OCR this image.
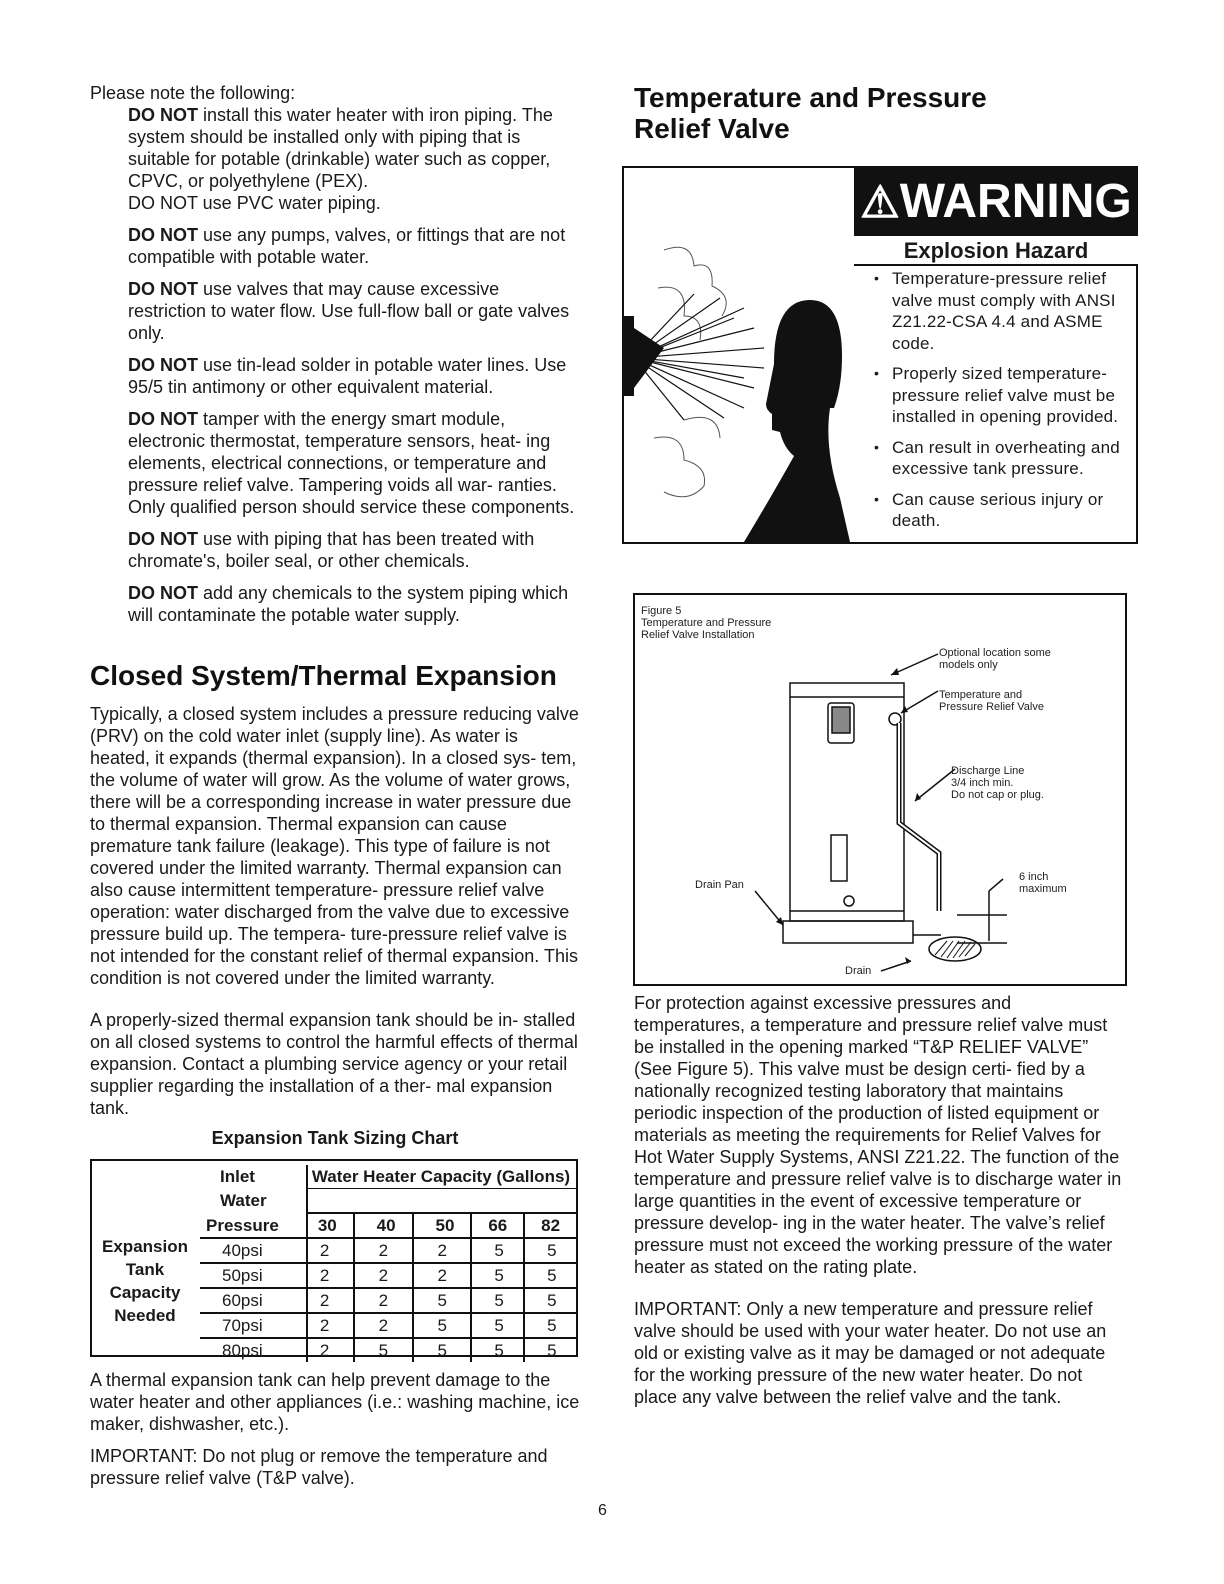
Please note the following:

DO NOT install this water heater with iron piping. The system should be installed only with piping that is suitable for potable (drinkable) water such as copper, CPVC, or polyethylene (PEX).

DO NOT use PVC water piping.

DO NOT use any pumps, valves, or fittings that are not compatible with potable water.

DO NOT use valves that may cause excessive restriction to water flow. Use full-flow ball or gate valves only.

DO NOT use tin-lead solder in potable water lines. Use 95/5 tin antimony or other equivalent material.

DO NOT tamper with the energy smart module, electronic thermostat, temperature sensors, heat- ing elements, electrical connections, or temperature and pressure relief valve. Tampering voids all war- ranties. Only qualified person should service these components.

DO NOT use with piping that has been treated with chromate's, boiler seal, or other chemicals.

DO NOT add any chemicals to the system piping which will contaminate the potable water supply.

Closed System/Thermal Expansion

Typically, a closed system includes a pressure reducing valve (PRV) on the cold water inlet (supply line). As water is heated, it expands (thermal expansion). In a closed sys- tem, the volume of water will grow. As the volume of water grows, there will be a corresponding increase in water pressure due to thermal expansion. Thermal expansion can cause premature tank failure (leakage). This type of failure is not covered under the limited warranty. Thermal expansion can also cause intermittent temperature- pressure relief valve operation: water discharged from the valve due to excessive pressure build up. The tempera- ture-pressure relief valve is not intended for the constant relief of thermal expansion. This condition is not covered under the limited warranty.

A properly-sized thermal expansion tank should be in- stalled on all closed systems to control the harmful effects of thermal expansion. Contact a plumbing service agency or your retail supplier regarding the installation of a ther- mal expansion tank.

Expansion Tank Sizing Chart

Expansion
Tank
Capacity
Needed
Inlet	Water Heater Capacity (Gallons)				
Water					
Pressure	30	40	50	66	82
40psi	2	2	2	5	5
50psi	2	2	2	5	5
60psi	2	2	5	5	5
70psi	2	2	5	5	5
80psi	2	5	5	5	5

A thermal expansion tank can help prevent damage to the water heater and other appliances (i.e.: washing machine, ice maker, dishwasher, etc.).

IMPORTANT: Do not plug or remove the temperature and pressure relief valve (T&P valve).

Temperature and Pressure Relief Valve
⚠WARNING
Explosion Hazard
• Temperature-pressure relief valve must comply with ANSI Z21.22-CSA 4.4 and ASME code.
• Properly sized temperature- pressure relief valve must be installed in opening provided.
• Can result in overheating and excessive tank pressure.
• Can cause serious injury or death.
Figure 5
Temperature and Pressure
Relief Valve Installation
Optional location some
models only
Temperature and
Pressure Relief Valve
Discharge Line
3/4 inch min.
Do not cap or plug.
6 inch
maximum
Drain Pan
Drain

For protection against excessive pressures and temperatures, a temperature and pressure relief valve must be installed in the opening marked “T&P RELIEF VALVE” (See Figure 5). This valve must be design certi- fied by a nationally recognized testing laboratory that maintains periodic inspection of the production of listed equipment or materials as meeting the requirements for Relief Valves for Hot Water Supply Systems, ANSI Z21.22. The function of the temperature and pressure relief valve is to discharge water in large quantities in the event of excessive temperature or pressure develop- ing in the water heater. The valve’s relief pressure must not exceed the working pressure of the water heater as stated on the rating plate.

IMPORTANT: Only a new temperature and pressure relief valve should be used with your water heater. Do not use an old or existing valve as it may be damaged or not adequate for the working pressure of the new water heater. Do not place any valve between the relief valve and the tank.

6
